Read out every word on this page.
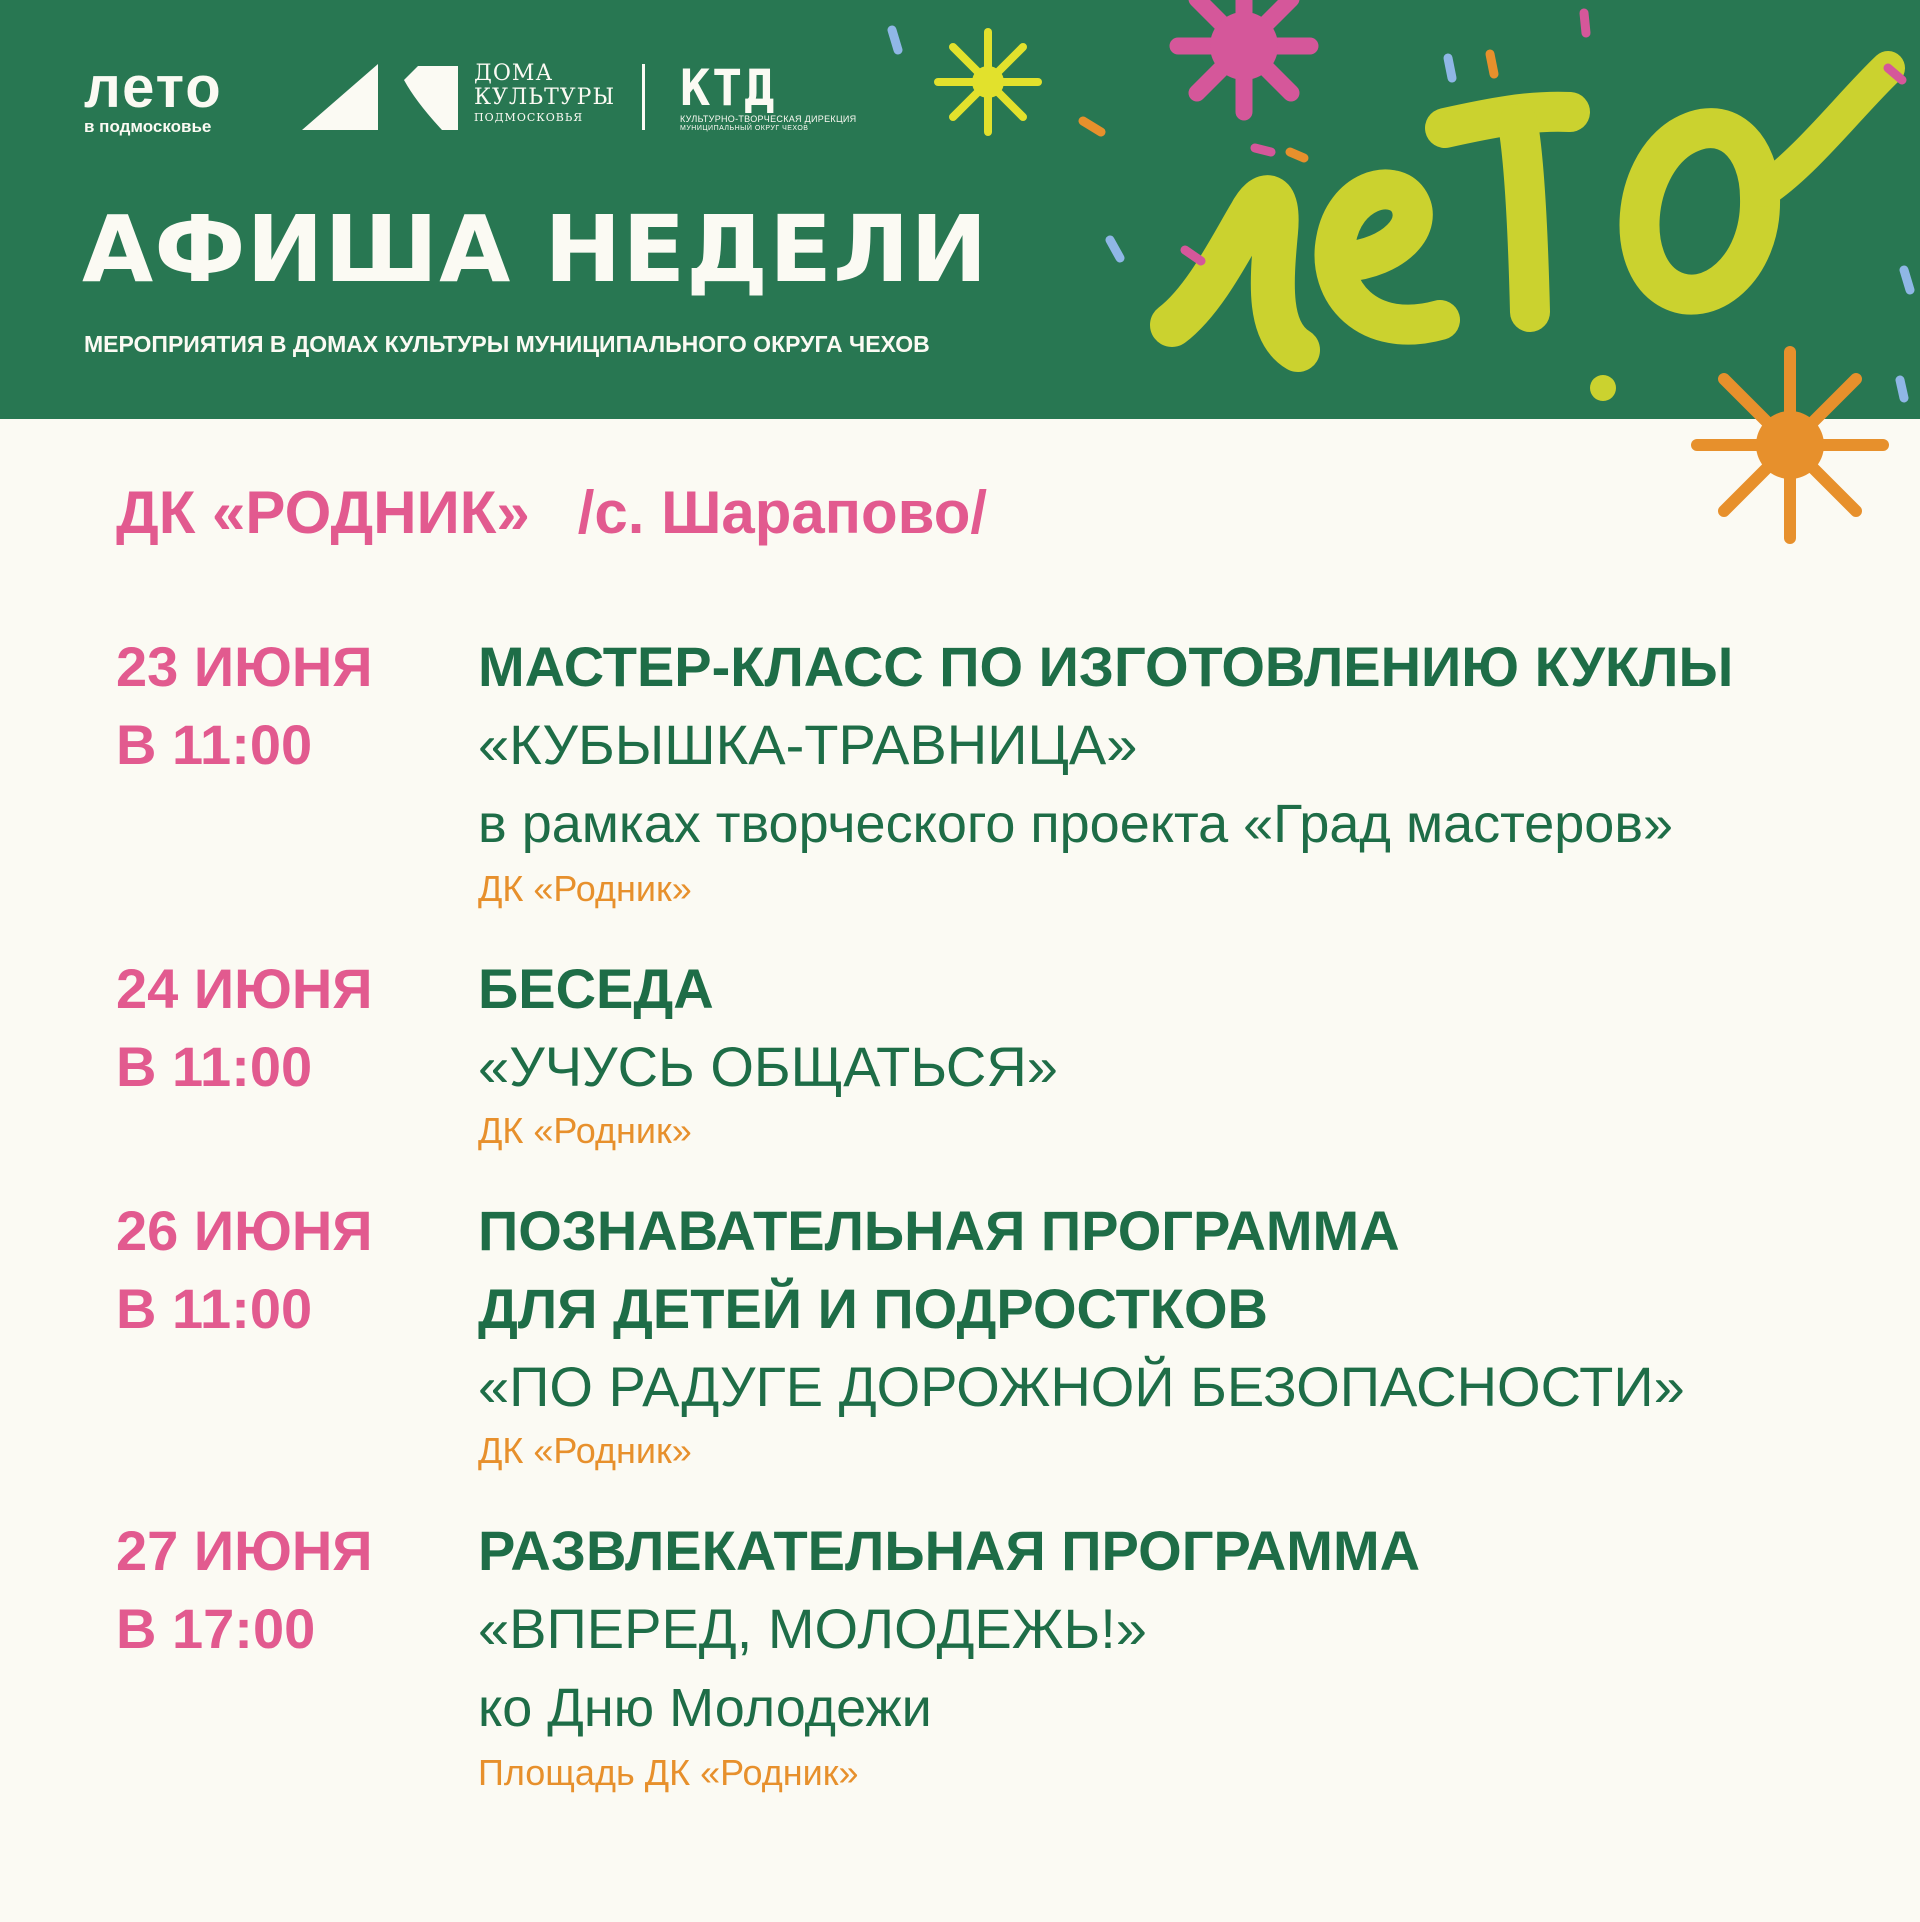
лето
в подмосковье
ДОМА
КУЛЬТУРЫ
ПОДМОСКОВЬЯ
КТД
КУЛЬТУРНО-ТВОРЧЕСКАЯ ДИРЕКЦИЯ
МУНИЦИПАЛЬНЫЙ ОКРУГ ЧЕХОВ
АФИША НЕДЕЛИ
МЕРОПРИЯТИЯ В ДОМАХ КУЛЬТУРЫ МУНИЦИПАЛЬНОГО ОКРУГА ЧЕХОВ
ДК «РОДНИК» /с. Шарапово/
23 ИЮНЯ
В 11:00
МАСТЕР-КЛАСС ПО ИЗГОТОВЛЕНИЮ КУКЛЫ
«КУБЫШКА-ТРАВНИЦА»
в рамках творческого проекта «Град мастеров»
ДК «Родник»
24 ИЮНЯ
В 11:00
БЕСЕДА
«УЧУСЬ ОБЩАТЬСЯ»
ДК «Родник»
26 ИЮНЯ
В 11:00
ПОЗНАВАТЕЛЬНАЯ ПРОГРАММА
ДЛЯ ДЕТЕЙ И ПОДРОСТКОВ
«ПО РАДУГЕ ДОРОЖНОЙ БЕЗОПАСНОСТИ»
ДК «Родник»
27 ИЮНЯ
В 17:00
РАЗВЛЕКАТЕЛЬНАЯ ПРОГРАММА
«ВПЕРЕД, МОЛОДЕЖЬ!»
ко Дню Молодежи
Площадь ДК «Родник»
